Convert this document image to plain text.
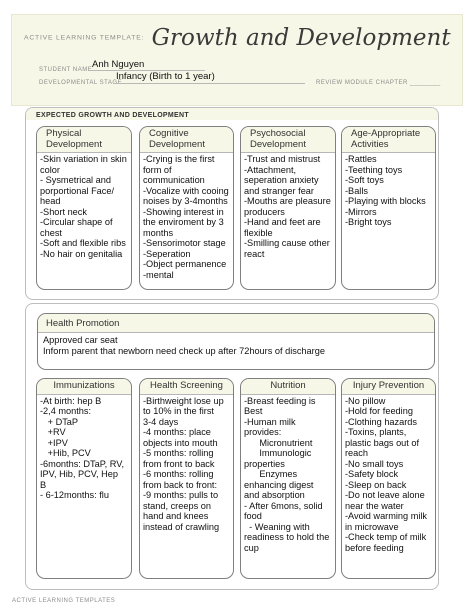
ACTIVE LEARNING TEMPLATE: Growth and Development
STUDENT NAME Anh Nguyen
DEVELOPMENTAL STAGE
Infancy (Birth to 1 year)
REVIEW MODULE CHAPTER ________
EXPECTED GROWTH AND DEVELOPMENT
Physical
Development
-Skin variation in skin
color
- Sysmetrical and
porportional Face/
head
-Short neck
-Circular shape of
chest
-Soft and flexible ribs
-No hair on genitalia
Cognitive
Development
-Crying is the first
form of
communication
-Vocalize with cooing
noises by 3-4months
-Showing interest in
the enviroment by 3
months
-Sensorimotor stage
-Seperation
-Object permanence
-mental
Psychosocial
Development
-Trust and mistrust
-Attachment,
seperation anxiety
and stranger fear
-Mouths are pleasure
producers
-Hand and feet are
flexible
-Smilling cause other
react
Age-Appropriate
Activities
-Rattles
-Teething toys
-Soft toys
-Balls
-Playing with blocks
-Mirrors
-Bright toys
Health Promotion
Approved car seat
Inform parent that newborn need check up after 72hours of discharge
Immunizations
-At birth: hep B
-2,4 months:
+ DTaP
+RV
+IPV
+Hib, PCV
-6months: DTaP, RV,
IPV, Hib, PCV, Hep
B
- 6-12months: flu
Health Screening
-Birthweight lose up
to 10% in the first
3-4 days
-4 months: place
objects into mouth
-5 months: rolling
from front to back
-6 months: rolling
from back to front:
-9 months: pulls to
stand, creeps on
hand and knees
instead of crawling
Nutrition
-Breast feeding is
Best
-Human milk
provides:
Micronutrient
Immunologic
properties
Enzymes
enhancing digest
and absorption
- After 6mons, solid
food
- Weaning with
readiness to hold the
cup
Injury Prevention
-No pillow
-Hold for feeding
-Clothing hazards
-Toxins, plants,
plastic bags out of
reach
-No small toys
-Safety block
-Sleep on back
-Do not leave alone
near the water
-Avoid warming milk
in microwave
-Check temp of milk
before feeding
ACTIVE LEARNING TEMPLATES
